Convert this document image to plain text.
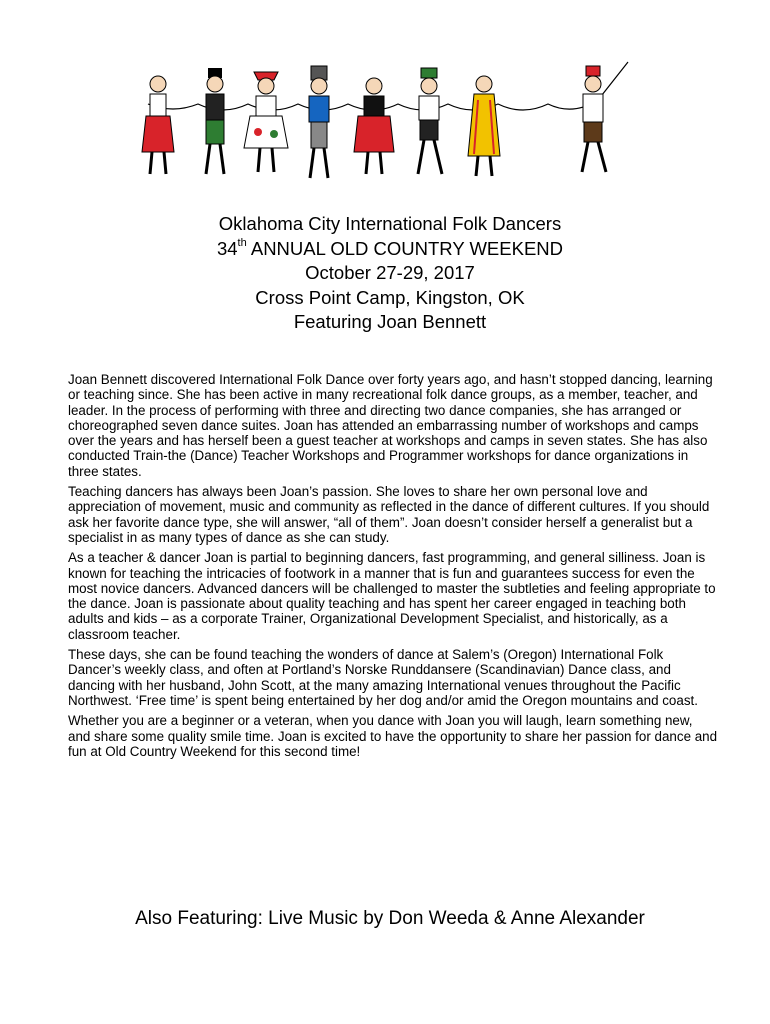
Oklahoma City International Folk Dancers
34th ANNUAL OLD COUNTRY WEEKEND
October 27-29, 2017
Cross Point Camp, Kingston, OK
Featuring Joan Bennett

Joan Bennett discovered International Folk Dance over forty years ago, and hasn’t stopped dancing, learning or teaching since. She has been active in many recreational folk dance groups, as a member, teacher, and leader. In the process of performing with three and directing two dance companies, she has arranged or choreographed seven dance suites. Joan has attended an embarrassing number of workshops and camps over the years and has herself been a guest teacher at workshops and camps in seven states. She has also conducted Train-the (Dance) Teacher Workshops and Programmer workshops for dance organizations in three states.

Teaching dancers has always been Joan’s passion. She loves to share her own personal love and appreciation of movement, music and community as reflected in the dance of different cultures. If you should ask her favorite dance type, she will answer, “all of them”. Joan doesn’t consider herself a generalist but a specialist in as many types of dance as she can study.

As a teacher & dancer Joan is partial to beginning dancers, fast programming, and general silliness. Joan is known for teaching the intricacies of footwork in a manner that is fun and guarantees success for even the most novice dancers. Advanced dancers will be challenged to master the subtleties and feeling appropriate to the dance. Joan is passionate about quality teaching and has spent her career engaged in teaching both adults and kids – as a corporate Trainer, Organizational Development Specialist, and historically, as a classroom teacher.

These days, she can be found teaching the wonders of dance at Salem’s (Oregon) International Folk Dancer’s weekly class, and often at Portland’s Norske Runddansere (Scandinavian) Dance class, and dancing with her husband, John Scott, at the many amazing International venues throughout the Pacific Northwest. ‘Free time’ is spent being entertained by her dog and/or amid the Oregon mountains and coast.

Whether you are a beginner or a veteran, when you dance with Joan you will laugh, learn something new, and share some quality smile time. Joan is excited to have the opportunity to share her passion for dance and fun at Old Country Weekend for this second time!

Also Featuring: Live Music by Don Weeda & Anne Alexander
